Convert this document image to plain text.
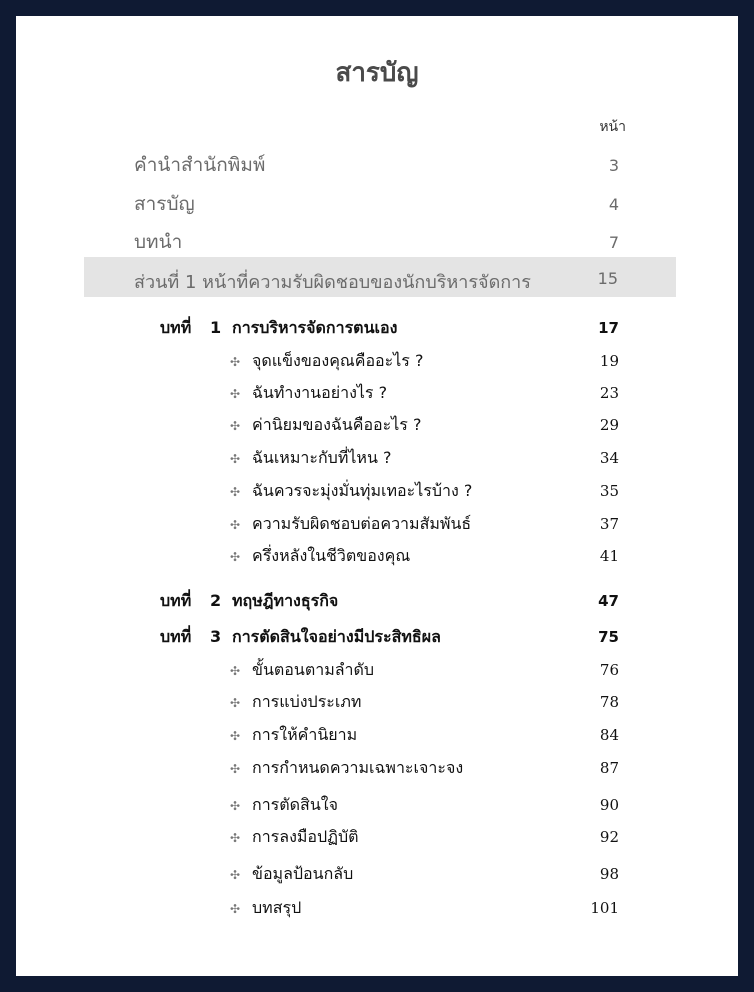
สารบัญ
หน้า
คำนำสำนักพิมพ์	3
สารบัญ	4
บทนำ	7
ส่วนที่ 1 หน้าที่ความรับผิดชอบของนักบริหารจัดการ	15
บทที่	1 การบริหารจัดการตนเอง	17
✣ จุดแข็งของคุณคืออะไร ?	19
✣ ฉันทำงานอย่างไร ?	23
✣ ค่านิยมของฉันคืออะไร ?	29
✣ ฉันเหมาะกับที่ไหน ?	34
✣ ฉันควรจะมุ่งมั่นทุ่มเทอะไรบ้าง ?	35
✣ ความรับผิดชอบต่อความสัมพันธ์	37
✣ ครึ่งหลังในชีวิตของคุณ	41
บทที่	2 ทฤษฎีทางธุรกิจ	47
บทที่	3 การตัดสินใจอย่างมีประสิทธิผล	75
✣ ขั้นตอนตามลำดับ	76
✣ การแบ่งประเภท	78
✣ การให้คำนิยาม	84
✣ การกำหนดความเฉพาะเจาะจง	87
✣ การตัดสินใจ	90
✣ การลงมือปฏิบัติ	92
✣ ข้อมูลป้อนกลับ	98
✣ บทสรุป	101
